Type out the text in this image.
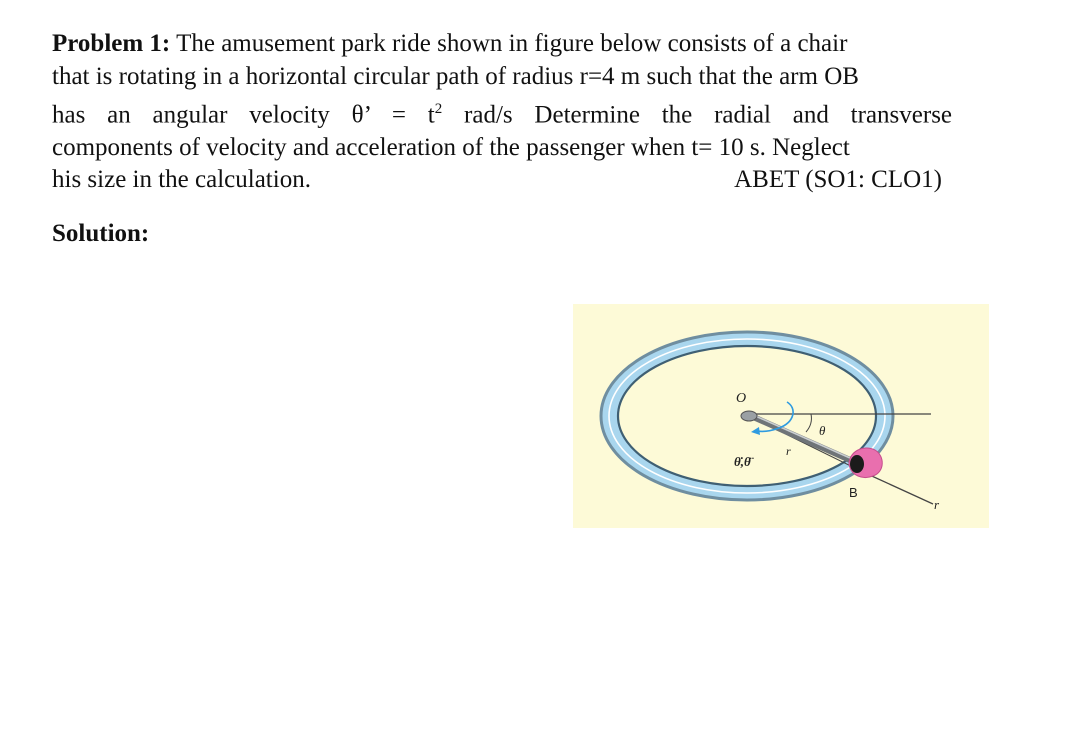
Problem 1: The amusement park ride shown in figure below consists of a chair
that is rotating in a horizontal circular path of radius r=4 m such that the arm OB
has an angular velocity θ’ = $t^2$ rad/s Determine the radial and transverse
components of velocity and acceleration of the passenger when t= 10 s. Neglect
his size in the calculation.	ABET (SO1: CLO1)
Solution:
O
θ
θ̇,θ̈
r
B
r
